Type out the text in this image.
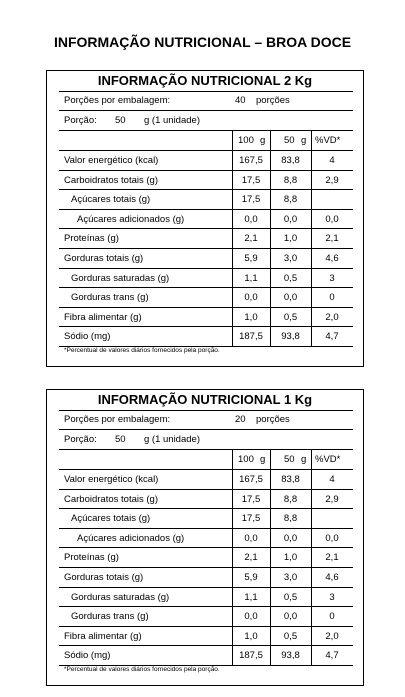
INFORMAÇÃO NUTRICIONAL – BROA DOCE
INFORMAÇÃO NUTRICIONAL 2 Kg
Porções por embalagem:	40 porções
Porção: 50 g (1 unidade)
100 g 50 g %VD*
Valor energético (kcal)	167,5	83,8	4
Carboidratos totais (g)	17,5	8,8	2,9
Açúcares totais (g)	17,5	8,8
Açúcares adicionados (g)	0,0	0,0	0,0
Proteínas (g)	2,1	1,0	2,1
Gorduras totais (g)	5,9	3,0	4,6
Gorduras saturadas (g)	1,1	0,5	3
Gorduras trans (g)	0,0	0,0	0
Fibra alimentar (g)	1,0	0,5	2,0
Sódio (mg)	187,5	93,8	4,7
*Percentual de valores diários fornecidos pela porção.
INFORMAÇÃO NUTRICIONAL 1 Kg
Porções por embalagem:	20 porções
Porção: 50 g (1 unidade)
100 g 50 g %VD*
Valor energético (kcal)	167,5	83,8	4
Carboidratos totais (g)	17,5	8,8	2,9
Açúcares totais (g)	17,5	8,8
Açúcares adicionados (g)	0,0	0,0	0,0
Proteínas (g)	2,1	1,0	2,1
Gorduras totais (g)	5,9	3,0	4,6
Gorduras saturadas (g)	1,1	0,5	3
Gorduras trans (g)	0,0	0,0	0
Fibra alimentar (g)	1,0	0,5	2,0
Sódio (mg)	187,5	93,8	4,7
*Percentual de valores diários fornecidos pela porção.
